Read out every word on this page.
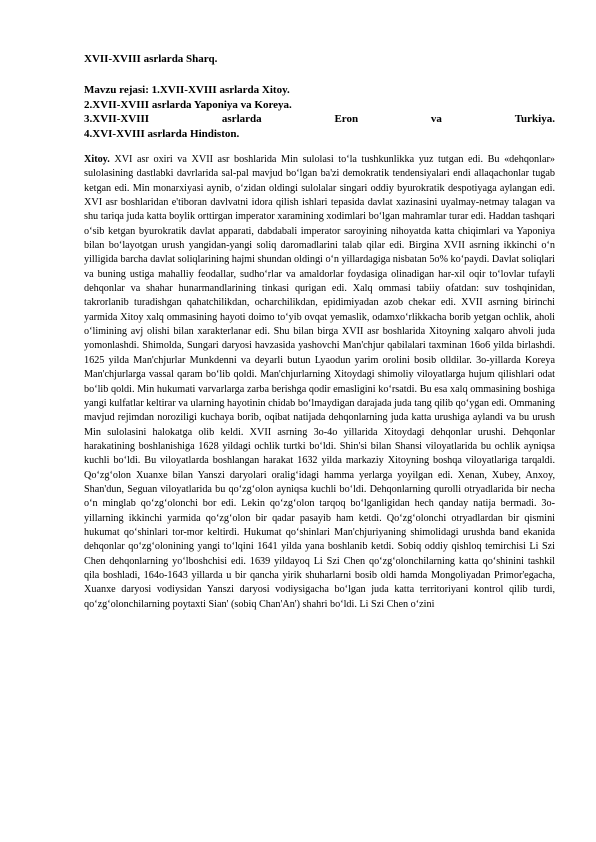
XVII-XVIII asrlarda Sharq.

Mavzu rejasi: 1.XVII-XVIII asrlarda Xitoy.
2.XVII-XVIII asrlarda Yaponiya va Koreya.
3.XVII-XVIII	asrlarda	Eron	va	Turkiya.
4.XVI-XVIII asrlarda Hindiston.

Xitoy. XVI asr oxiri va XVII asr boshlarida Min sulolasi toʻla tushkunlikka yuz tutgan edi. Bu «dehqonlar» sulolasining dastlabki davrlarida sal-pal mavjud boʻlgan ba'zi demokratik tendensiyalari endi allaqachonlar tugab ketgan edi. Min monarxiyasi aynib, oʻzidan oldingi sulolalar singari oddiy byurokratik despotiyaga aylangan edi. XVI asr boshlaridan e'tiboran davlvatni idora qilish ishlari tepasida davlat xazinasini uyalmay-netmay talagan va shu tariqa juda katta boylik orttirgan imperator xaramining xodimlari boʻlgan mahramlar turar edi. Haddan tashqari oʻsib ketgan byurokratik davlat apparati, dabdabali imperator saroyining nihoyatda katta chiqimlari va Yaponiya bilan boʻlayotgan urush yangidan-yangi soliq daromadlarini talab qilar edi. Birgina XVII asrning ikkinchi oʻn yilligida barcha davlat soliqlarining hajmi shundan oldingi oʻn yillardagiga nisbatan 5o% koʻpaydi. Davlat soliqlari va buning ustiga mahalliy feodallar, sudhoʻrlar va amaldorlar foydasiga olinadigan har-xil oqir toʻlovlar tufayli dehqonlar va shahar hunarmandlarining tinkasi qurigan edi. Xalq ommasi tabiiy ofatdan: suv toshqinidan, takrorlanib turadishgan qahatchilikdan, ocharchilikdan, epidimiyadan azob chekar edi. XVII asrning birinchi yarmida Xitoy xalq ommasining hayoti doimo toʻyib ovqat yemaslik, odamxoʻrlikkacha borib yetgan ochlik, aholi oʻlimining avj olishi bilan xarakterlanar edi. Shu bilan birga XVII asr boshlarida Xitoyning xalqaro ahvoli juda yomonlashdi. Shimolda, Sungari daryosi havzasida yashovchi Man'chjur qabilalari taxminan 16o6 yilda birlashdi. 1625 yilda Man'chjurlar Munkdenni va deyarli butun Lyaodun yarim orolini bosib olldilar. 3o-yillarda Koreya Man'chjurlarga vassal qaram boʻlib qoldi. Man'chjurlarning Xitoydagi shimoliy viloyatlarga hujum qilishlari odat boʻlib qoldi. Min hukumati varvarlarga zarba berishga qodir emasligini koʻrsatdi. Bu esa xalq ommasining boshiga yangi kulfatlar keltirar va ularning hayotinin chidab boʻlmaydigan darajada juda tang qilib qoʻygan edi. Ommaning mavjud rejimdan noroziligi kuchaya borib, oqibat natijada dehqonlarning juda katta urushiga aylandi va bu urush Min sulolasini halokatga olib keldi. XVII asrning 3o-4o yillarida Xitoydagi dehqonlar urushi. Dehqonlar harakatining boshlanishiga 1628 yildagi ochlik turtki boʻldi. Shin'si bilan Shansi viloyatlarida bu ochlik ayniqsa kuchli boʻldi. Bu viloyatlarda boshlangan harakat 1632 yilda markaziy Xitoyning boshqa viloyatlariga tarqaldi. Qoʻzgʻolon Xuanxe bilan Yanszi daryolari oraligʻidagi hamma yerlarga yoyilgan edi. Xenan, Xubey, Anxoy, Shan'dun, Seguan viloyatlarida bu qoʻzgʻolon ayniqsa kuchli boʻldi. Dehqonlarning qurolli otryadlarida bir necha oʻn minglab qoʻzgʻolonchi bor edi. Lekin qoʻzgʻolon tarqoq boʻlganligidan hech qanday natija bermadi. 3o-yillarning ikkinchi yarmida qoʻzgʻolon bir qadar pasayib ham ketdi. Qoʻzgʻolonchi otryadlardan bir qismini hukumat qoʻshinlari tor-mor keltirdi. Hukumat qoʻshinlari Man'chjuriyaning shimolidagi urushda band ekanida dehqonlar qoʻzgʻolonining yangi toʻlqini 1641 yilda yana boshlanib ketdi. Sobiq oddiy qishloq temirchisi Li Szi Chen dehqonlarning yoʻlboshchisi edi. 1639 yildayoq Li Szi Chen qoʻzgʻolonchilarning katta qoʻshinini tashkil qila boshladi, 164o-1643 yillarda u bir qancha yirik shuharlarni bosib oldi hamda Mongoliyadan Primor'egacha, Xuanxe daryosi vodiysidan Yanszi daryosi vodiysigacha boʻlgan juda katta territoriyani kontrol qilib turdi, qoʻzgʻolonchilarning poytaxti Sian' (sobiq Chan'An') shahri boʻldi. Li Szi Chen oʻzini
